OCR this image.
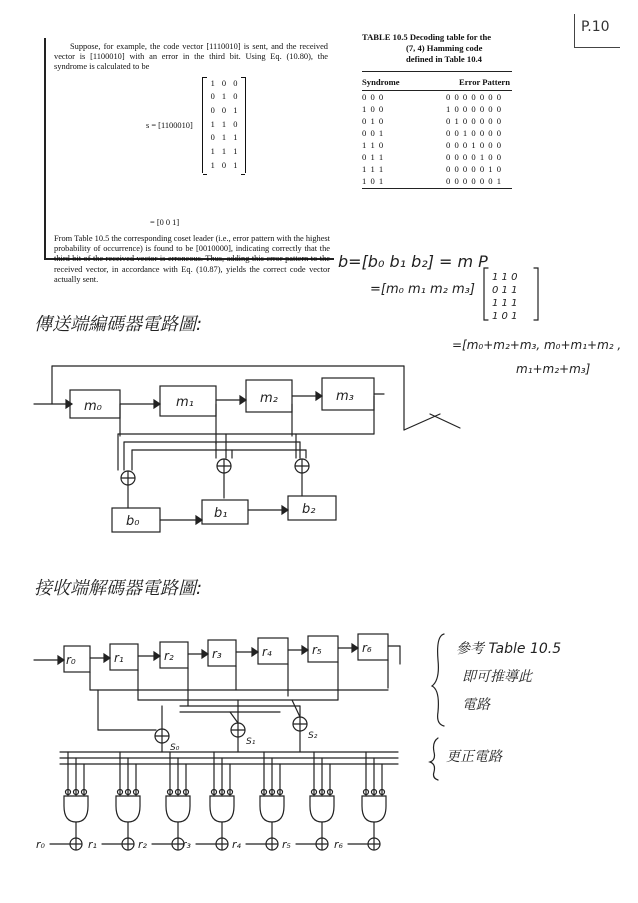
P.10

Suppose, for example, the code vector [1110010] is sent, and the received vector is [1100010] with an error in the third bit. Using Eq. (10.80), the syndrome is calculated to be

s = [1100010]
1 0 0
0 1 0
0 0 1
1 1 0
0 1 1
1 1 1
1 0 1
= [0 0 1]

From Table 10.5 the corresponding coset leader (i.e., error pattern with the highest probability of occurrence) is found to be [0010000], indicating correctly that the third bit of the received vector is erroneous. Thus, adding this error pattern to the received vector, in accordance with Eq. (10.87), yields the correct code vector actually sent.

TABLE 10.5 Decoding table for the
(7, 4) Hamming code
defined in Table 10.4
Syndrome	Error Pattern
0 0 0	0 0 0 0 0 0 0
1 0 0	1 0 0 0 0 0 0
0 1 0	0 1 0 0 0 0 0
0 0 1	0 0 1 0 0 0 0
1 1 0	0 0 0 1 0 0 0
0 1 1	0 0 0 0 1 0 0
1 1 1	0 0 0 0 0 1 0
1 0 1	0 0 0 0 0 0 1
b=[b₀ b₁ b₂] = m P
=[m₀ m₁ m₂ m₃]
=[m₀+m₂+m₃, m₀+m₁+m₂ ,
m₁+m₂+m₃]
傳送端編碼器電路圖:
接收端解碼器電路圖:
參考 Table 10.5
即可推導此
電路
更正電路
m₀	m₁	m₂	m₃
b₀
b₁	b₂
r₀	r₁	r₂	r₃	r₄	r₅	r₆
S₀
S₁
S₂
r₀	r₁	r₂	r₃	r₄	r₅	r₆
1 1 0
0 1 1
1 1 1
1 0 1
